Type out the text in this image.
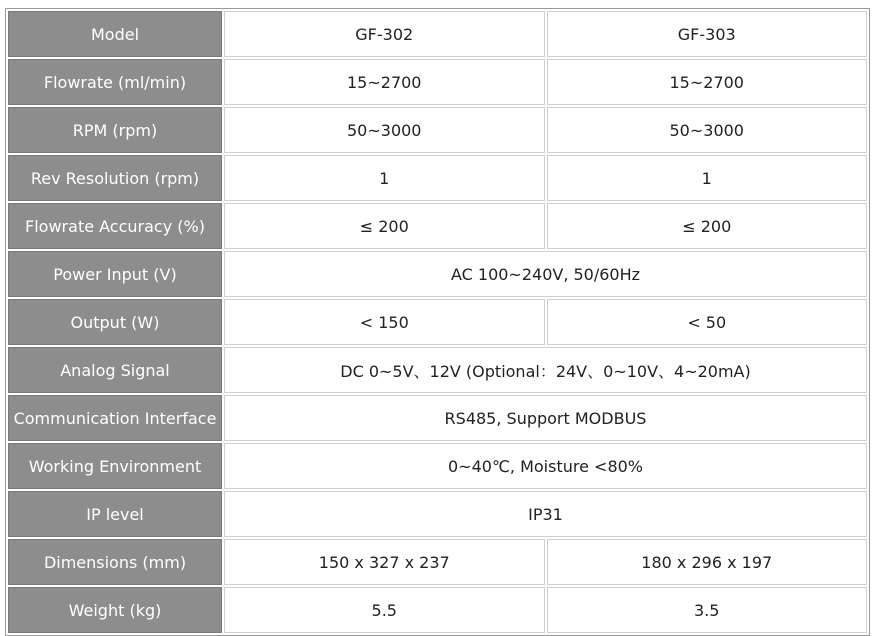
Model	GF-302	GF-303
Flowrate (ml/min)	15~2700	15~2700
RPM (rpm)	50~3000	50~3000
Rev Resolution (rpm)	1	1
Flowrate Accuracy (%)	≤ 200	≤ 200
Power Input (V)	AC 100~240V, 50/60Hz	
Output (W)	< 150	< 50
Analog Signal	DC 0~5V、12V (Optional：24V、0~10V、4~20mA)	
Communication Interface	RS485, Support MODBUS	
Working Environment	0~40℃, Moisture <80%	
IP level	IP31	
Dimensions (mm)	150 x 327 x 237	180 x 296 x 197
Weight (kg)	5.5	3.5
